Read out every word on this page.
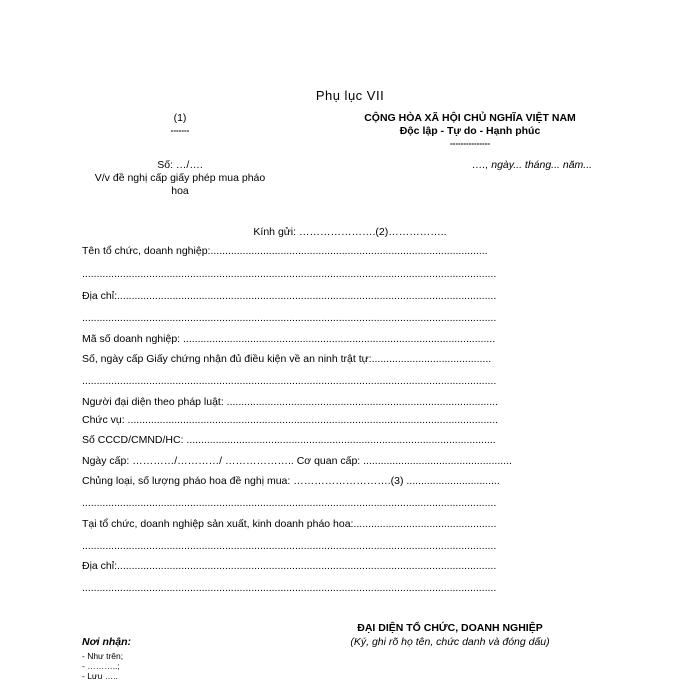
Phụ lục VII
(1)
-------
CỘNG HÒA XÃ HỘI CHỦ NGHĨA VIỆT NAM
Độc lập - Tự do - Hạnh phúc
---------------
Số: …/….
V/v đề nghị cấp giấy phép mua pháo
hoa
…., ngày... tháng... năm...
Kính gửi: ………………….(2)……………..
Tên tổ chức, doanh nghiệp:...............................................................................................
..............................................................................................................................................
Địa chỉ:..................................................................................................................................
..............................................................................................................................................
Mã số doanh nghiệp: ...........................................................................................................
Số, ngày cấp Giấy chứng nhận đủ điều kiện về an ninh trật tự:.........................................
..............................................................................................................................................
Người đại diện theo pháp luật: .............................................................................................
Chức vụ: ...............................................................................................................................
Số CCCD/CMND/HC: ..........................................................................................................
Ngày cấp: …………/…………/ ……………….. Cơ quan cấp: ...................................................
Chủng loại, số lượng pháo hoa đề nghị mua: ……………………….(3) ................................
..............................................................................................................................................
Tại tổ chức, doanh nghiệp sản xuất, kinh doanh pháo hoa:.................................................
..............................................................................................................................................
Địa chỉ:..................................................................................................................................
..............................................................................................................................................
ĐẠI DIỆN TỔ CHỨC, DOANH NGHIỆP
(Ký, ghi rõ họ tên, chức danh và đóng dấu)
Nơi nhận:
- Như trên;
- ………..;
- Lưu …..
